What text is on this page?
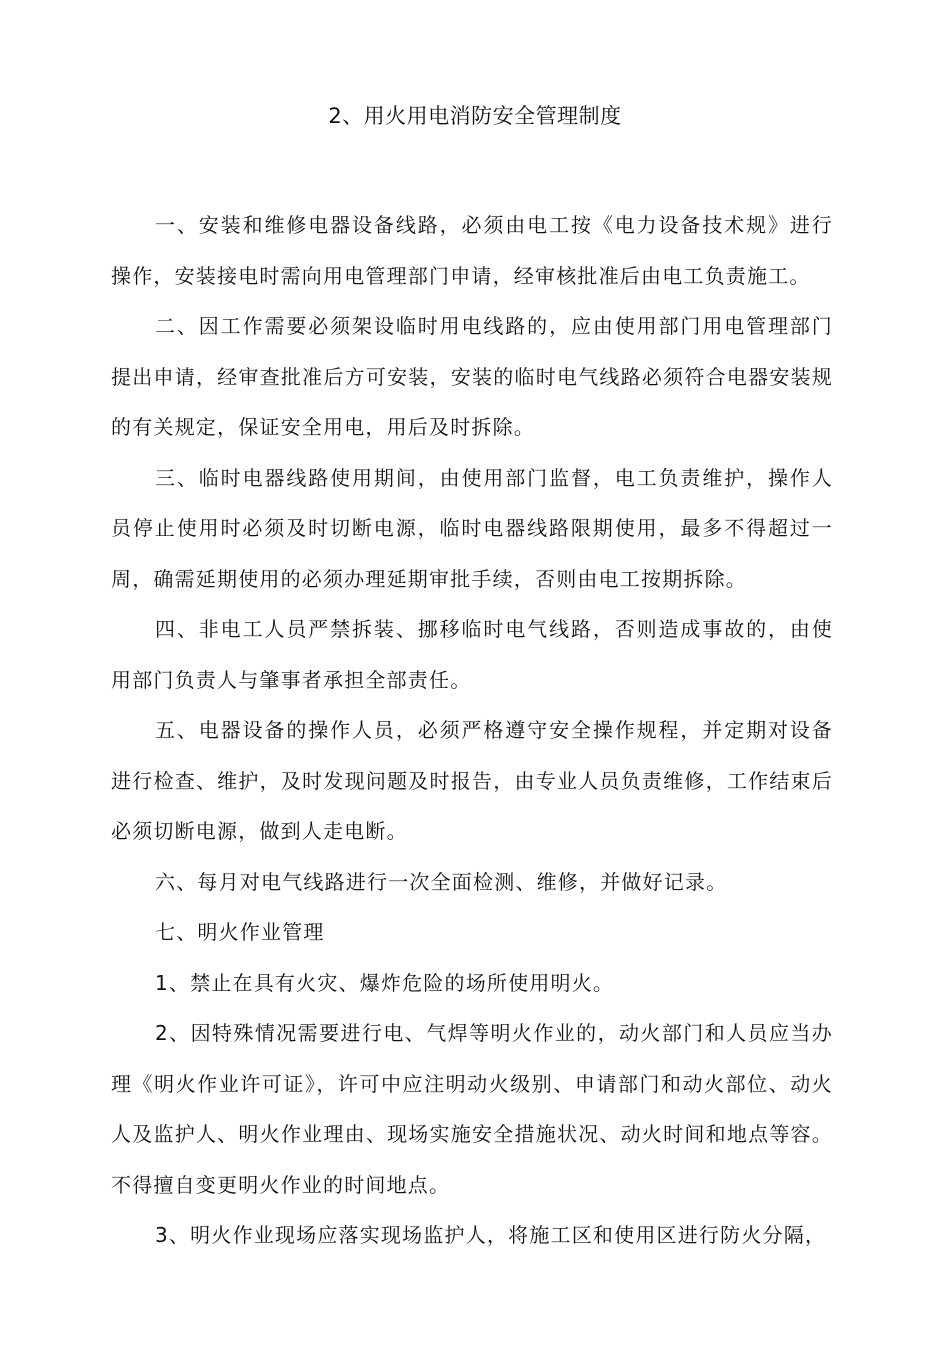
2、用火用电消防安全管理制度

一、安装和维修电器设备线路，必须由电工按《电力设备技术规》进行操作，安装接电时需向用电管理部门申请，经审核批准后由电工负责施工。

二、因工作需要必须架设临时用电线路的，应由使用部门用电管理部门提出申请，经审查批准后方可安装，安装的临时电气线路必须符合电器安装规的有关规定，保证安全用电，用后及时拆除。

三、临时电器线路使用期间，由使用部门监督，电工负责维护，操作人员停止使用时必须及时切断电源，临时电器线路限期使用，最多不得超过一周，确需延期使用的必须办理延期审批手续，否则由电工按期拆除。

四、非电工人员严禁拆装、挪移临时电气线路，否则造成事故的，由使用部门负责人与肇事者承担全部责任。

五、电器设备的操作人员，必须严格遵守安全操作规程，并定期对设备进行检查、维护，及时发现问题及时报告，由专业人员负责维修，工作结束后必须切断电源，做到人走电断。

六、每月对电气线路进行一次全面检测、维修，并做好记录。

七、明火作业管理

1、禁止在具有火灾、爆炸危险的场所使用明火。

2、因特殊情况需要进行电、气焊等明火作业的，动火部门和人员应当办理《明火作业许可证》，许可中应注明动火级别、申请部门和动火部位、动火人及监护人、明火作业理由、现场实施安全措施状况、动火时间和地点等容。不得擅自变更明火作业的时间地点。

3、明火作业现场应落实现场监护人，将施工区和使用区进行防火分隔，
